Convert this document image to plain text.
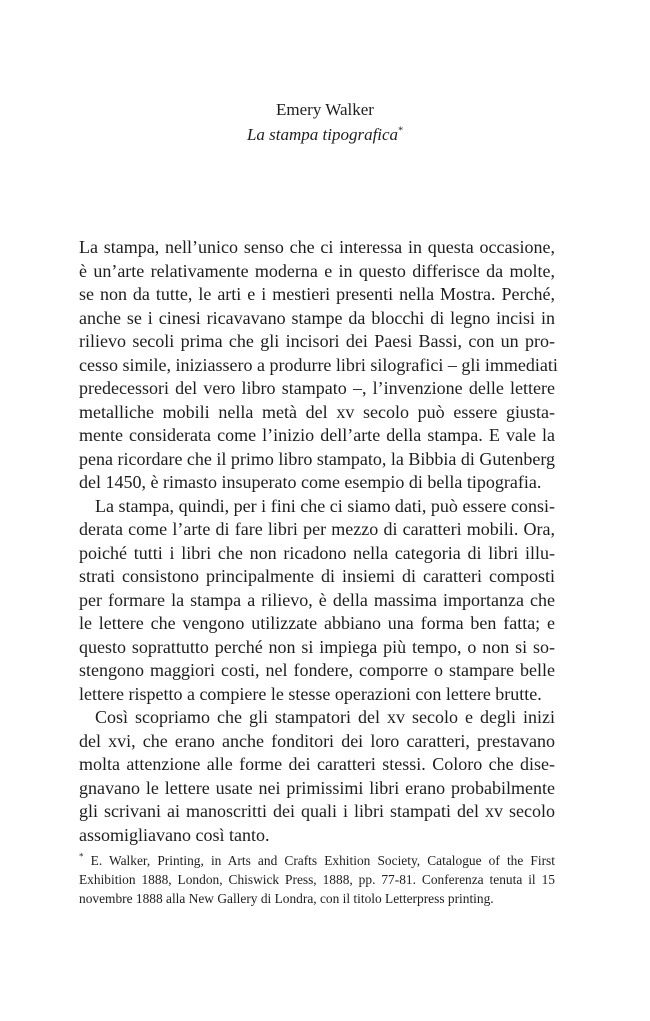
Emery Walker
La stampa tipografica*
La stampa, nell’unico senso che ci interessa in questa occasione,
è un’arte relativamente moderna e in questo differisce da molte,
se non da tutte, le arti e i mestieri presenti nella Mostra. Perché,
anche se i cinesi ricavavano stampe da blocchi di legno incisi in
rilievo secoli prima che gli incisori dei Paesi Bassi, con un pro-
cesso simile, iniziassero a produrre libri silografici – gli immediati
predecessori del vero libro stampato –, l’invenzione delle lettere
metalliche mobili nella metà del xv secolo può essere giusta-
mente considerata come l’inizio dell’arte della stampa. E vale la
pena ricordare che il primo libro stampato, la Bibbia di Gutenberg
del 1450, è rimasto insuperato come esempio di bella tipografia.
La stampa, quindi, per i fini che ci siamo dati, può essere consi-
derata come l’arte di fare libri per mezzo di caratteri mobili. Ora,
poiché tutti i libri che non ricadono nella categoria di libri illu-
strati consistono principalmente di insiemi di caratteri composti
per formare la stampa a rilievo, è della massima importanza che
le lettere che vengono utilizzate abbiano una forma ben fatta; e
questo soprattutto perché non si impiega più tempo, o non si so-
stengono maggiori costi, nel fondere, comporre o stampare belle
lettere rispetto a compiere le stesse operazioni con lettere brutte.
Così scopriamo che gli stampatori del xv secolo e degli inizi
del xvi, che erano anche fonditori dei loro caratteri, prestavano
molta attenzione alle forme dei caratteri stessi. Coloro che dise-
gnavano le lettere usate nei primissimi libri erano probabilmente
gli scrivani ai manoscritti dei quali i libri stampati del xv secolo
assomigliavano così tanto.
* E. Walker, Printing, in Arts and Crafts Exhition Society, Catalogue of the First
Exhibition 1888, London, Chiswick Press, 1888, pp. 77-81. Conferenza tenuta il 15
novembre 1888 alla New Gallery di Londra, con il titolo Letterpress printing.
